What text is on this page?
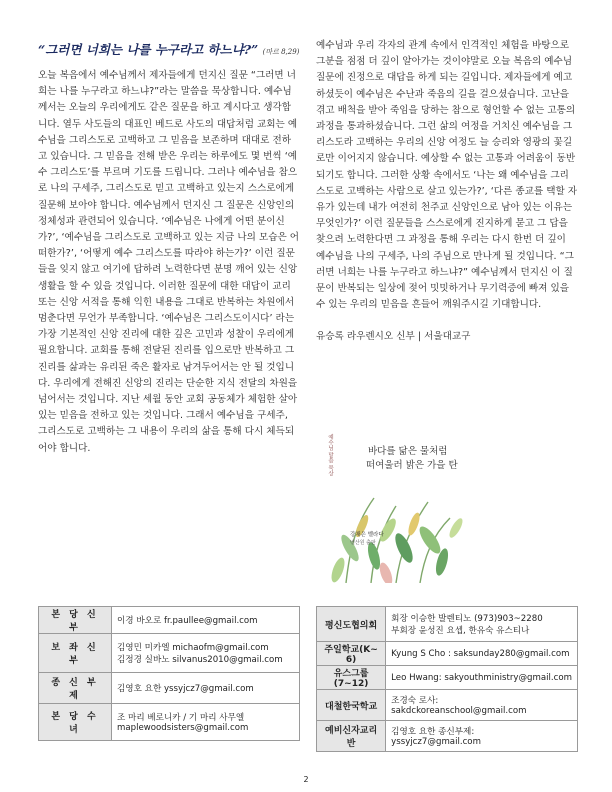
“그러면 너희는 나를 누구라고 하느냐?” (마르 8,29)

오늘 복음에서 예수님께서 제자들에게 던지신 질문 “그러면 너희는 나를 누구라고 하느냐?”라는 말씀을 묵상합니다. 예수님께서는 오늘의 우리에게도 같은 질문을 하고 계시다고 생각합니다. 열두 사도들의 대표인 베드로 사도의 대답처럼 교회는 예수님을 그리스도로 고백하고 그 믿음을 보존하며 대대로 전하고 있습니다. 그 믿음을 전해 받은 우리는 하루에도 몇 번씩 ‘예수 그리스도’를 부르며 기도를 드립니다. 그러나 예수님을 참으로 나의 구세주, 그리스도로 믿고 고백하고 있는지 스스로에게 질문해 보아야 합니다. 예수님께서 던지신 그 질문은 신앙인의 정체성과 관련되어 있습니다. ‘예수님은 나에게 어떤 분이신가?’, ‘예수님을 그리스도로 고백하고 있는 지금 나의 모습은 어떠한가?’, ‘어떻게 예수 그리스도를 따라야 하는가?’ 이런 질문들을 잊지 않고 여기에 답하려 노력한다면 분명 깨어 있는 신앙생활을 할 수 있을 것입니다. 이러한 질문에 대한 대답이 교리 또는 신앙 서적을 통해 익힌 내용을 그대로 반복하는 차원에서 멈춘다면 무언가 부족합니다. ‘예수님은 그리스도이시다’ 라는 가장 기본적인 신앙 진리에 대한 깊은 고민과 성찰이 우리에게 필요합니다. 교회를 통해 전달된 진리를 입으로만 반복하고 그 진리를 삶과는 유리된 죽은 활자로 남겨두어서는 안 될 것입니다. 우리에게 전해진 신앙의 진리는 단순한 지식 전달의 차원을 넘어서는 것입니다. 지난 세월 동안 교회 공동체가 체험한 살아있는 믿음을 전하고 있는 것입니다. 그래서 예수님을 구세주, 그리스도로 고백하는 그 내용이 우리의 삶을 통해 다시 체득되어야 합니다.

예수님과 우리 각자의 관계 속에서 인격적인 체험을 바탕으로 그분을 점점 더 깊이 알아가는 것이야말로 오늘 복음의 예수님 질문에 진정으로 대답을 하게 되는 길입니다. 제자들에게 예고하셨듯이 예수님은 수난과 죽음의 길을 걸으셨습니다. 고난을 겪고 배척을 받아 죽임을 당하는 참으로 형언할 수 없는 고통의 과정을 통과하셨습니다. 그런 삶의 여정을 거치신 예수님을 그리스도라 고백하는 우리의 신앙 여정도 늘 승리와 영광의 꽃길로만 이어지지 않습니다. 예상할 수 없는 고통과 어려움이 동반되기도 합니다. 그러한 상황 속에서도 ‘나는 왜 예수님을 그리스도로 고백하는 사람으로 살고 있는가?’, ‘다른 종교를 택할 자유가 있는데 내가 여전히 천주교 신앙인으로 남아 있는 이유는 무엇인가?’ 이런 질문들을 스스로에게 진지하게 묻고 그 답을 찾으려 노력한다면 그 과정을 통해 우리는 다시 한번 더 깊이 예수님을 나의 구세주, 나의 주님으로 만나게 될 것입니다. “그러면 너희는 나를 누구라고 하느냐?” 예수님께서 던지신 이 질문이 반복되는 일상에 젖어 밋밋하거나 무기력증에 빠져 있을 수 있는 우리의 믿음을 흔들어 깨워주시길 기대합니다.

유승록 라우렌시오 신부 | 서울대교구

바다를 닮은 물처럼
떠여울러 밝은 가을 탄
예수님 말씀 묵상
강채은 벨라다
벧산원 출판
본 당 신 부	이경 바오로 fr.paullee@gmail.com

보 좌 신 부	김영민 미카엘 michaofm@gmail.com
김정경 실바노 silvanus2010@gmail.com

종 신 부 제	김영호 요한 yssyjcz7@gmail.com

본 당 수 녀	조 마리 베로니카 / 기 마리 사무엘
maplewoodsisters@gmail.com
평신도협의회	회장 이승한 발렌티노 (973)903~2280
부회장 윤성진 요셉, 한유숙 유스티나

주일학교(K~ 6)	Kyung S Cho : saksunday280@gmail.com

유스그룹(7~12)	Leo Hwang: sakyouthministry@gmail.com

대철한국학교	조경숙 로사:
sakdckoreanschool@gmail.com

예비신자교리반	김영호 요한 종신부제:
yssyjcz7@gmail.com
2
